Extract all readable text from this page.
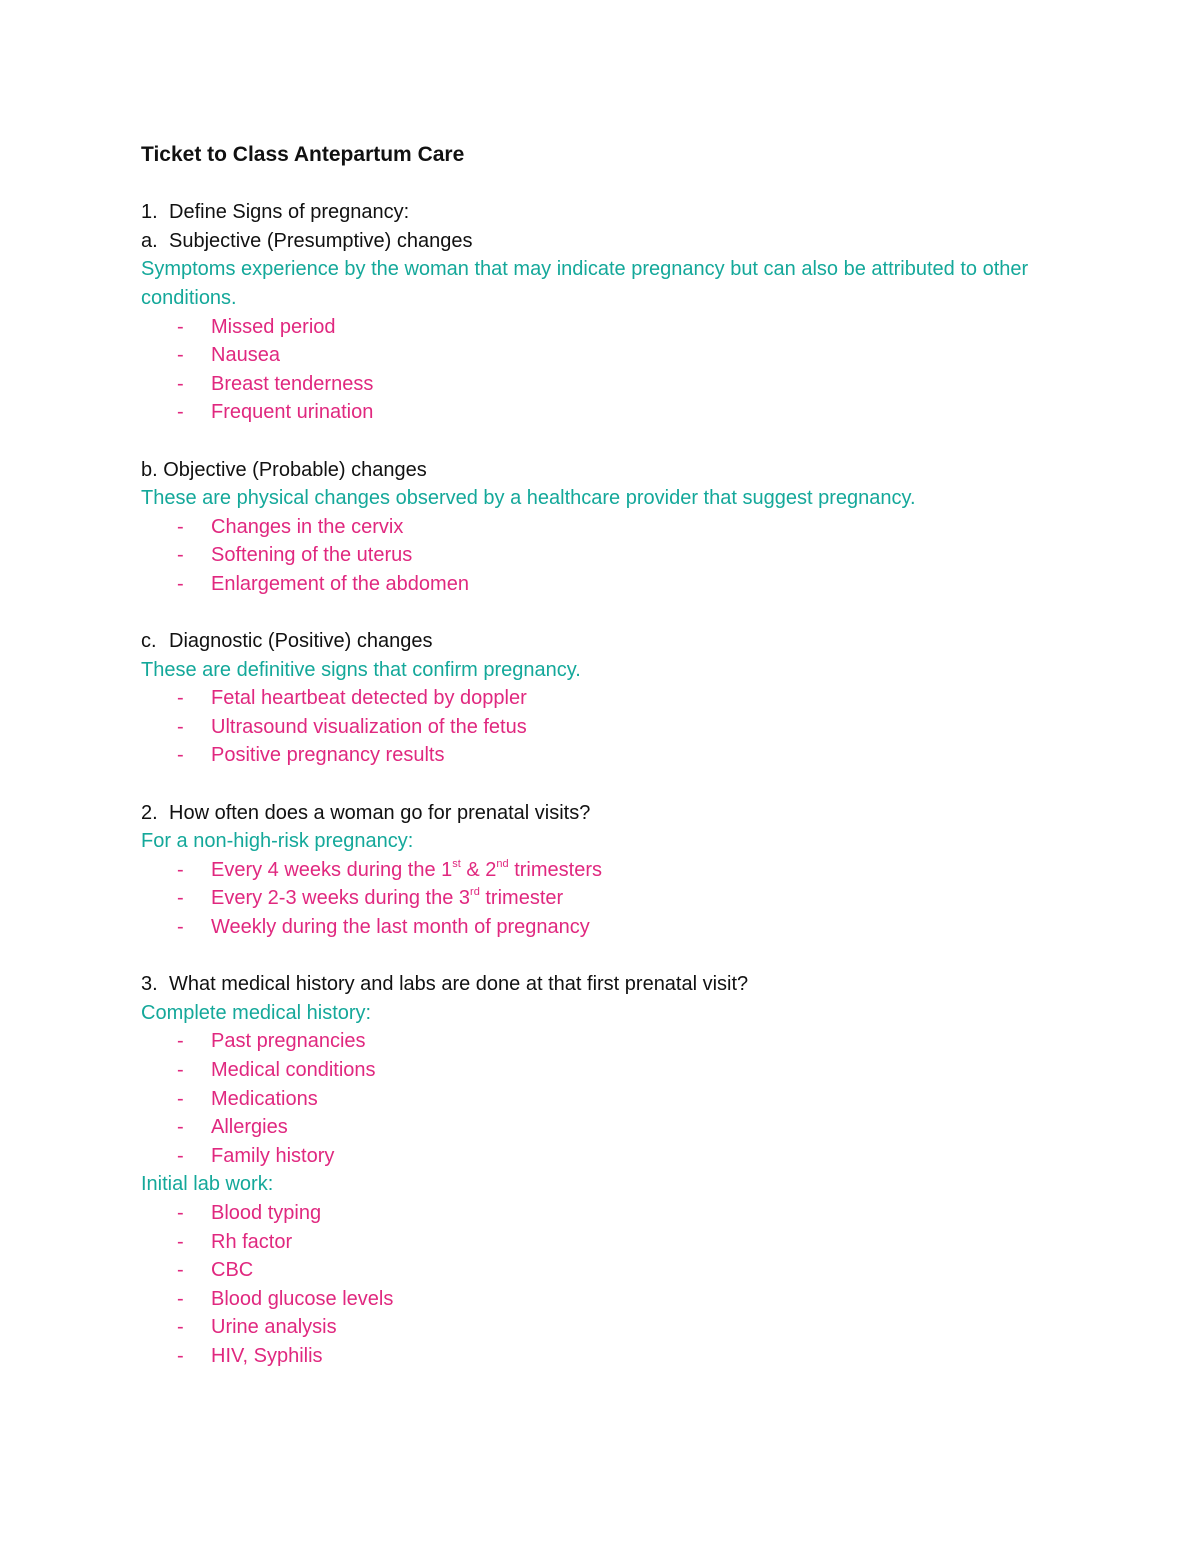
Ticket to Class Antepartum Care
1. Define Signs of pregnancy:
a. Subjective (Presumptive) changes
Symptoms experience by the woman that may indicate pregnancy but can also be attributed to other conditions.
-	Missed period
-	Nausea
-	Breast tenderness
-	Frequent urination
b. Objective (Probable) changes
These are physical changes observed by a healthcare provider that suggest pregnancy.
-	Changes in the cervix
-	Softening of the uterus
-	Enlargement of the abdomen
c. Diagnostic (Positive) changes
These are definitive signs that confirm pregnancy.
-	Fetal heartbeat detected by doppler
-	Ultrasound visualization of the fetus
-	Positive pregnancy results
2. How often does a woman go for prenatal visits?
For a non-high-risk pregnancy:
-	Every 4 weeks during the 1st & 2nd trimesters
-	Every 2-3 weeks during the 3rd trimester
-	Weekly during the last month of pregnancy
3. What medical history and labs are done at that first prenatal visit?
Complete medical history:
-	Past pregnancies
-	Medical conditions
-	Medications
-	Allergies
-	Family history
Initial lab work:
-	Blood typing
-	Rh factor
-	CBC
-	Blood glucose levels
-	Urine analysis
-	HIV, Syphilis
